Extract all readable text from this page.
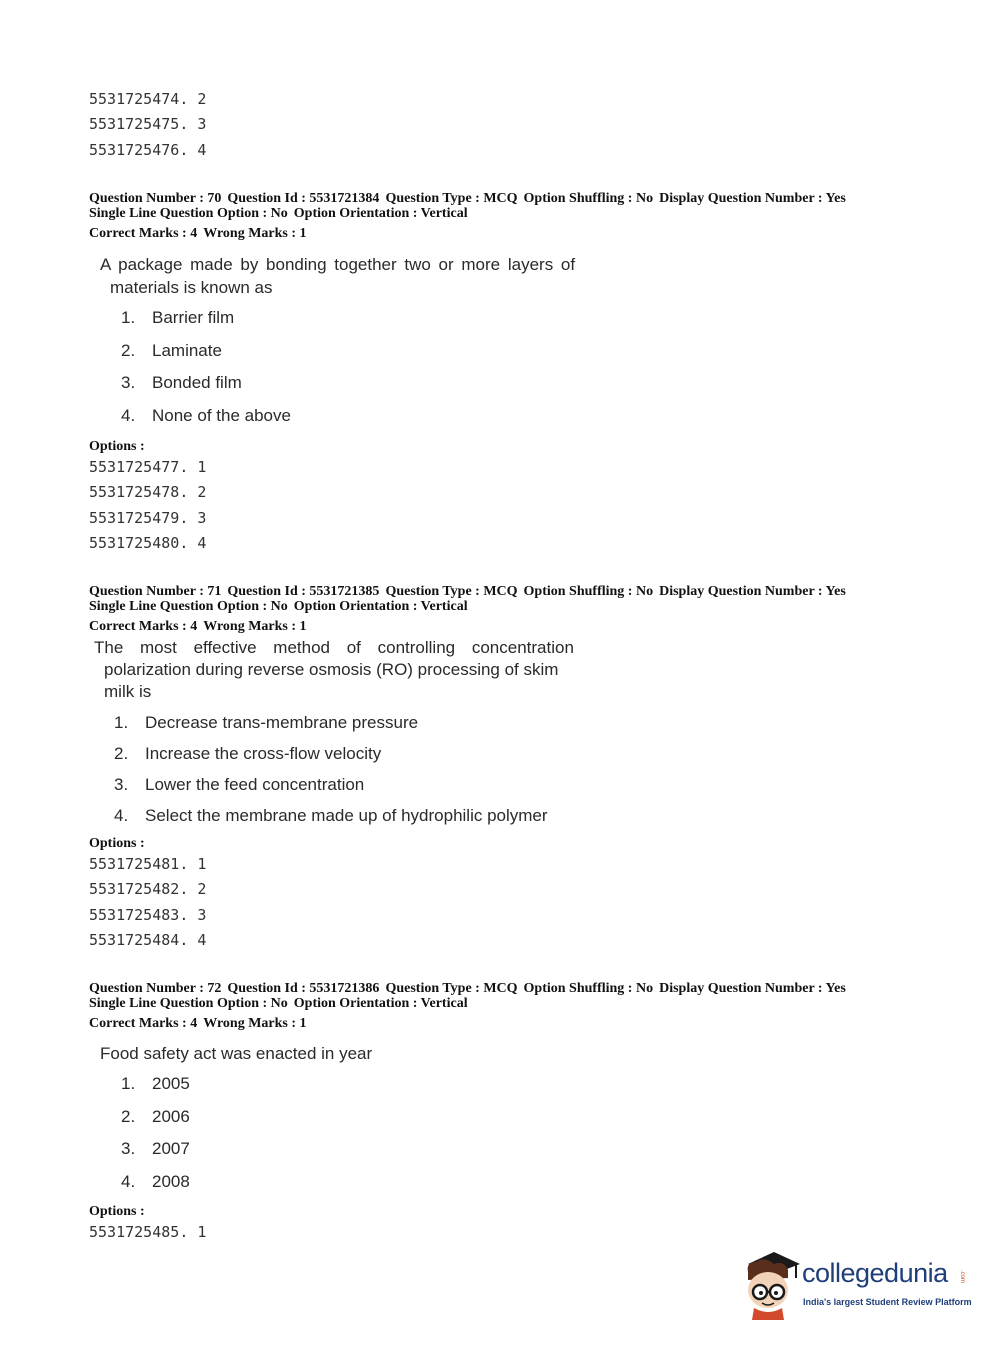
5531725474. 2
5531725475. 3
5531725476. 4
Question Number : 70 Question Id : 5531721384 Question Type : MCQ Option Shuffling : No Display Question Number : Yes
Single Line Question Option : No Option Orientation : Vertical
Correct Marks : 4 Wrong Marks : 1
A package made by bonding together two or more layers of
materials is known as
1. Barrier film
2. Laminate
3. Bonded film
4. None of the above
Options :
5531725477. 1
5531725478. 2
5531725479. 3
5531725480. 4
Question Number : 71 Question Id : 5531721385 Question Type : MCQ Option Shuffling : No Display Question Number : Yes
Single Line Question Option : No Option Orientation : Vertical
Correct Marks : 4 Wrong Marks : 1
The most effective method of controlling concentration
polarization during reverse osmosis (RO) processing of skim
milk is
1. Decrease trans-membrane pressure
2. Increase the cross-flow velocity
3. Lower the feed concentration
4. Select the membrane made up of hydrophilic polymer
Options :
5531725481. 1
5531725482. 2
5531725483. 3
5531725484. 4
Question Number : 72 Question Id : 5531721386 Question Type : MCQ Option Shuffling : No Display Question Number : Yes
Single Line Question Option : No Option Orientation : Vertical
Correct Marks : 4 Wrong Marks : 1
Food safety act was enacted in year
1. 2005
2. 2006
3. 2007
4. 2008
Options :
5531725485. 1
collegedunia .com
India's largest Student Review Platform
